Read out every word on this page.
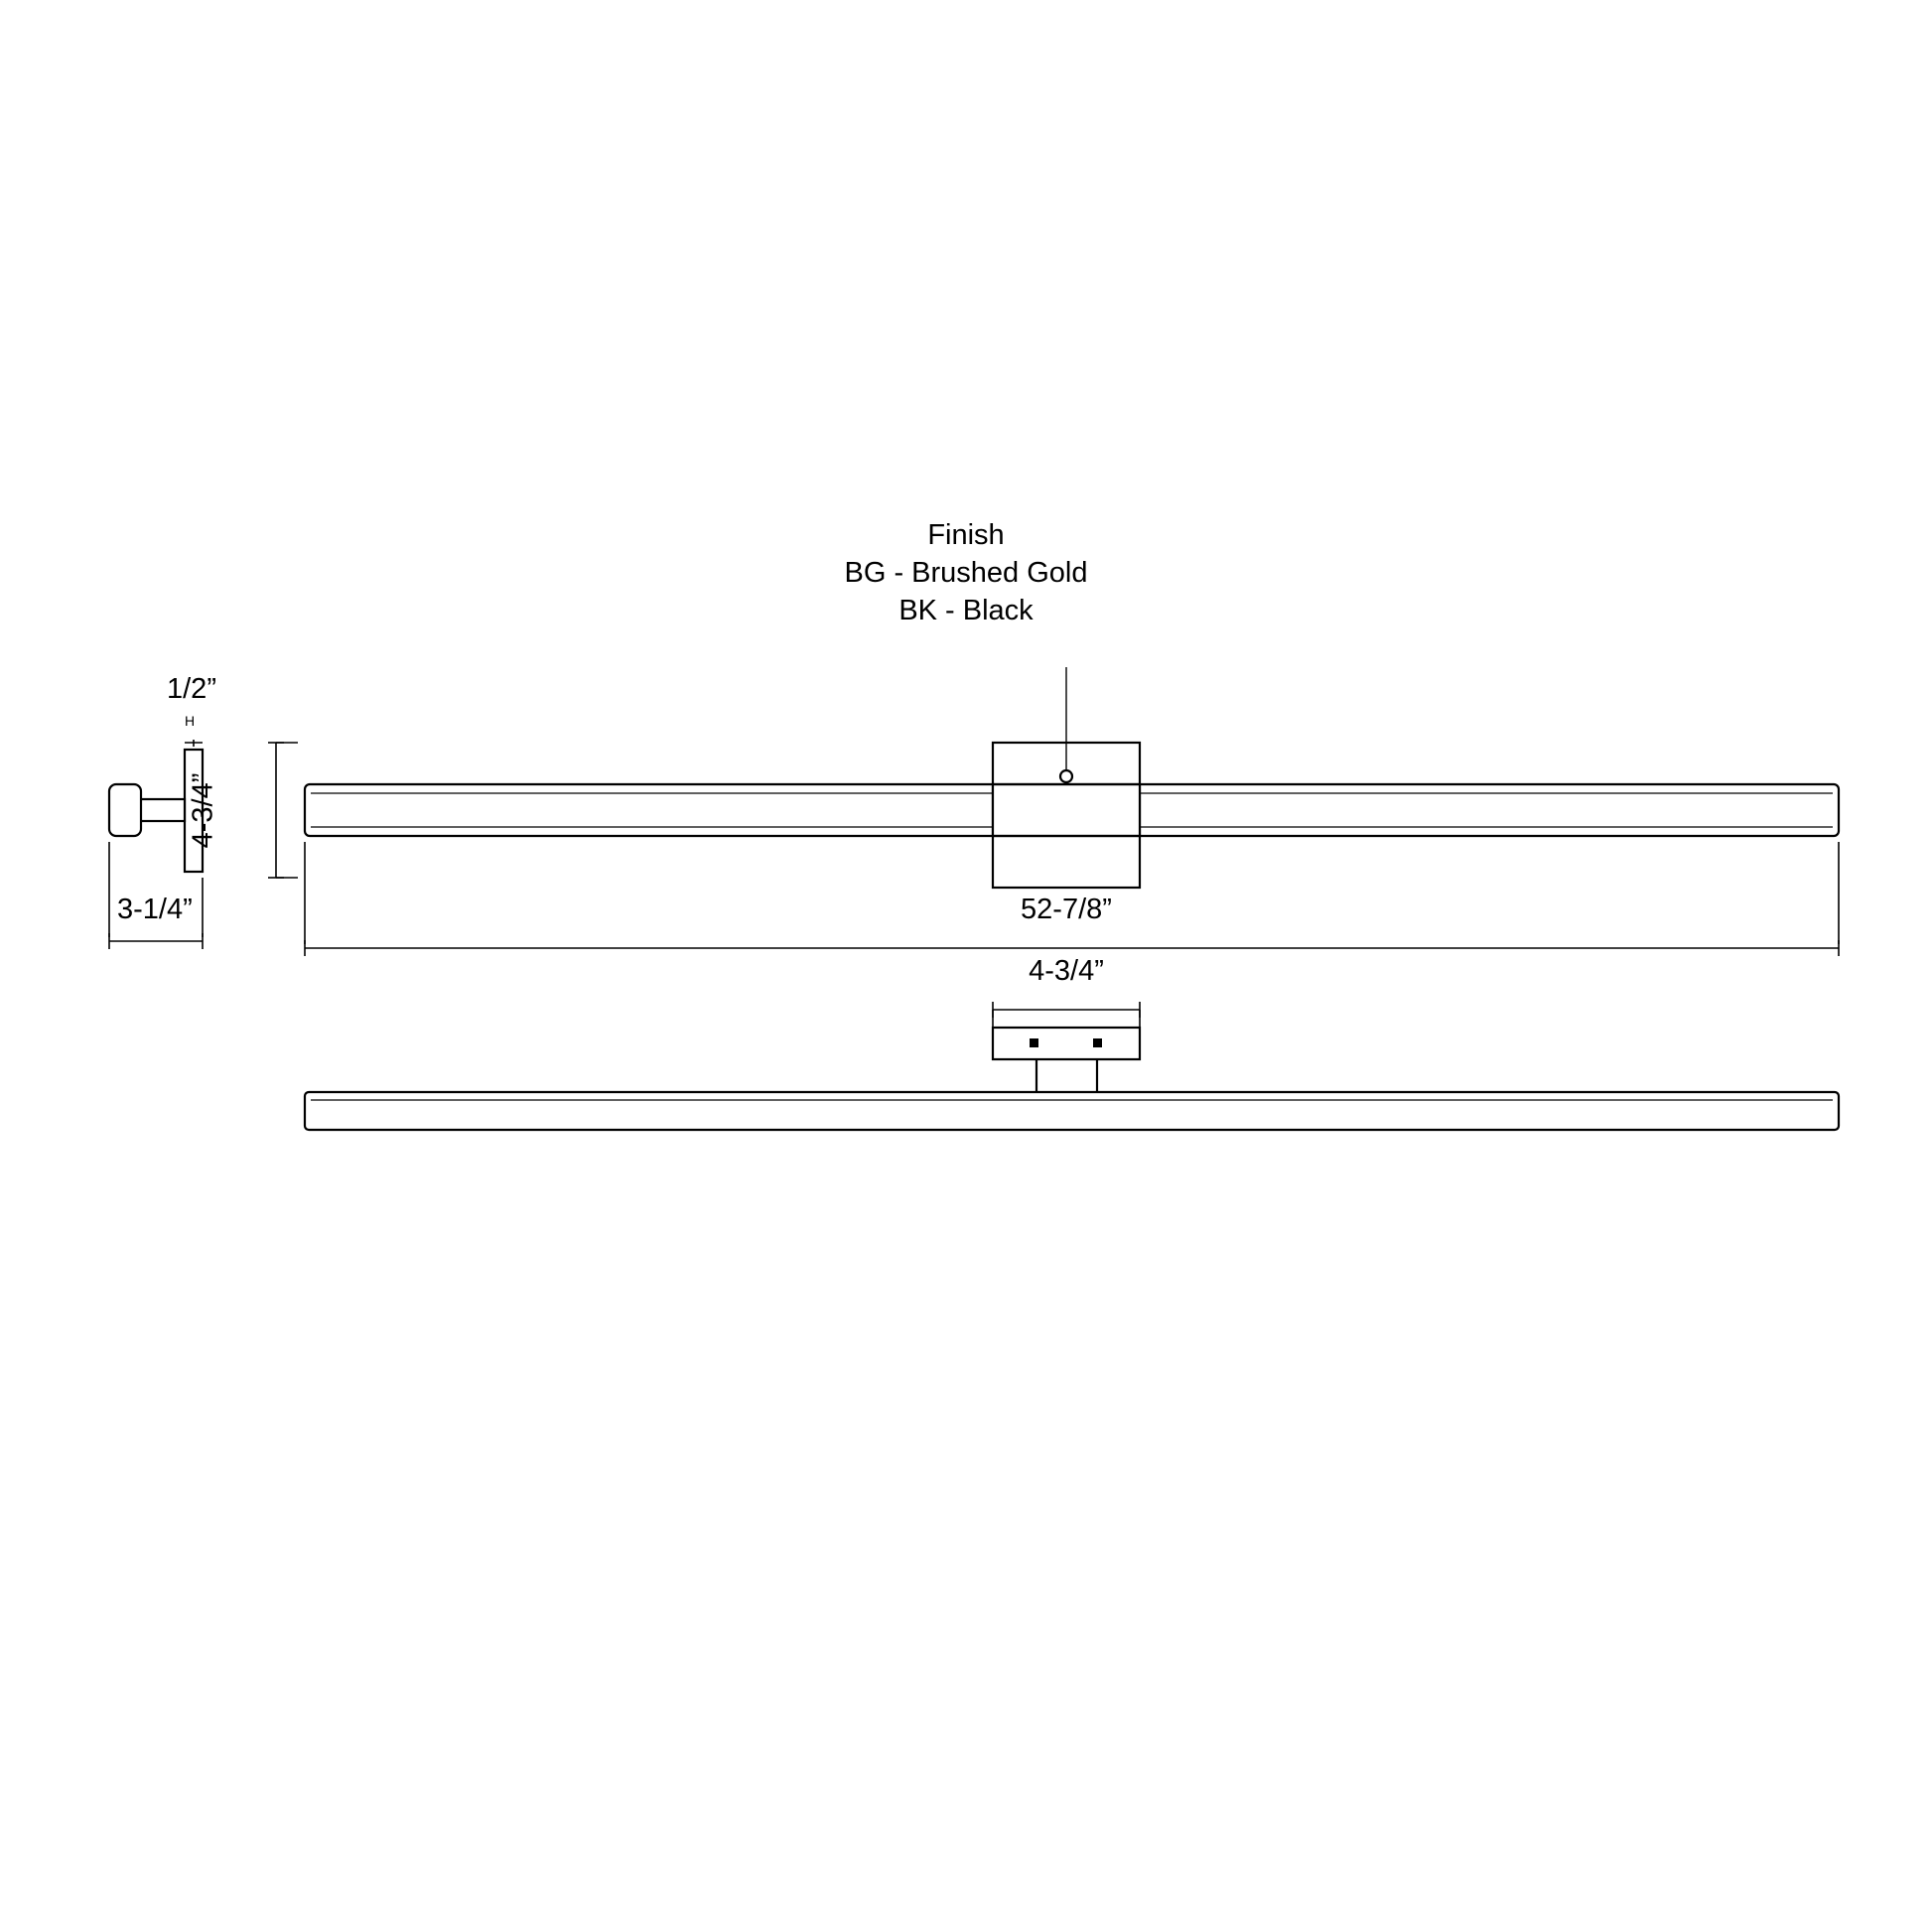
Finish
BG - Brushed Gold
BK - Black
1/2”
H
3-1/4”
4-3/4”
52-7/8”
4-3/4”
